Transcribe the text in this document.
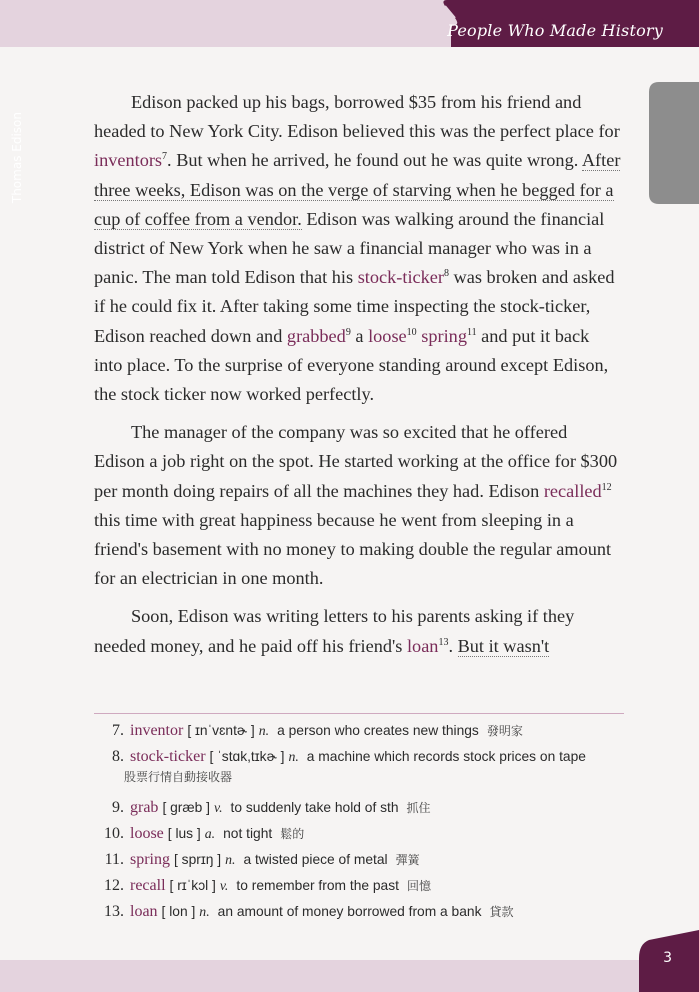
People Who Made History
Thomas Edison

Edison packed up his bags, borrowed $35 from his friend and headed to New York City. Edison believed this was the perfect place for inventors$^7$. But when he arrived, he found out he was quite wrong. After three weeks, Edison was on the verge of starving when he begged for a cup of coffee from a vendor. Edison was walking around the financial district of New York when he saw a financial manager who was in a panic. The man told Edison that his stock-ticker$^8$ was broken and asked if he could fix it. After taking some time inspecting the stock-ticker, Edison reached down and grabbed$^9$ a loose$^{10}$ spring$^{11}$ and put it back into place. To the surprise of everyone standing around except Edison, the stock ticker now worked perfectly.

The manager of the company was so excited that he offered Edison a job right on the spot. He started working at the office for $300 per month doing repairs of all the machines they had. Edison recalled$^{12}$ this time with great happiness because he went from sleeping in a friend's basement with no money to making double the regular amount for an electrician in one month.

Soon, Edison was writing letters to his parents asking if they needed money, and he paid off his friend's loan$^{13}$. But it wasn't

7. inventor [ ɪnˈvɛntɚ ] n. a person who creates new things 發明家
8. stock-ticker [ ˈstɑk,tɪkɚ ] n. a machine which records stock prices on tape
股票行情自動接收器
9. grab [ græb ] v. to suddenly take hold of sth 抓住
10. loose [ lus ] a. not tight 鬆的
11. spring [ sprɪŋ ] n. a twisted piece of metal 彈簧
12. recall [ rɪˈkɔl ] v. to remember from the past 回憶
13. loan [ lon ] n. an amount of money borrowed from a bank 貸款
3
